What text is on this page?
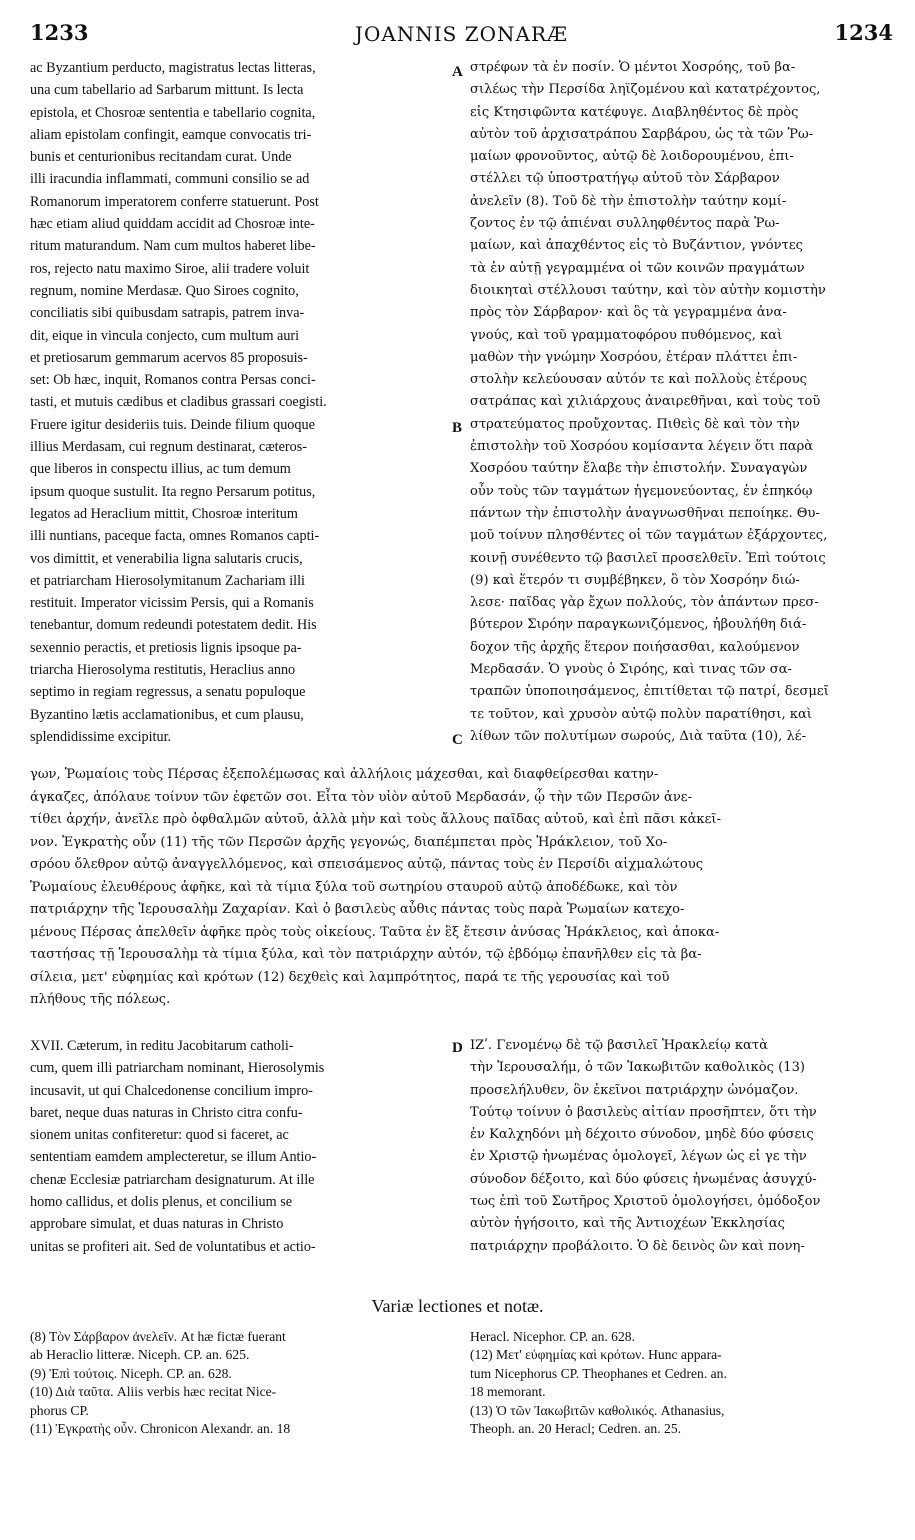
1233	JOANNIS ZONARÆ	1234
ac Byzantium perducto, magistratus lectas litteras,
una cum tabellario ad Sarbarum mittunt. Is lecta
epistola, et Chosroæ sententia e tabellario cognita,
aliam epistolam confingit, eamque convocatis tri-
bunis et centurionibus recitandam curat. Unde
illi iracundia inflammati, communi consilio se ad
Romanorum imperatorem conferre statuerunt. Post
hæc etiam aliud quiddam accidit ad Chosroæ inte-
ritum maturandum. Nam cum multos haberet libe-
ros, rejecto natu maximo Siroe, alii tradere voluit
regnum, nomine Merdasæ. Quo Siroes cognito,
conciliatis sibi quibusdam satrapis, patrem inva-
dit, eique in vincula conjecto, cum multum auri
et pretiosarum gemmarum acervos 85 proposuis-
set: Ob hæc, inquit, Romanos contra Persas conci-
tasti, et mutuis cædibus et cladibus grassari coegisti.
Fruere igitur desideriis tuis. Deinde filium quoque
illius Merdasam, cui regnum destinarat, cæteros-
que liberos in conspectu illius, ac tum demum
ipsum quoque sustulit. Ita regno Persarum potitus,
legatos ad Heraclium mittit, Chosroæ interitum
illi nuntians, paceque facta, omnes Romanos capti-
vos dimittit, et venerabilia ligna salutaris crucis,
et patriarcham Hierosolymitanum Zachariam illi
restituit. Imperator vicissim Persis, qui a Romanis
tenebantur, domum redeundi potestatem dedit. His
sexennio peractis, et pretiosis lignis ipsoque pa-
triarcha Hierosolyma restitutis, Heraclius anno
septimo in regiam regressus, a senatu populoque
Byzantino lætis acclamationibus, et cum plausu,
splendidissime excipitur.
στρέφων τὰ ἐν ποσίν. Ὁ μέντοι Χοσρόης, τοῦ βα-
σιλέως τὴν Περσίδα ληϊζομένου καὶ κατατρέχοντος,
εἰς Κτησιφῶντα κατέφυγε. Διαβληθέντος δὲ πρὸς
αὐτὸν τοῦ ἀρχισατράπου Σαρβάρου, ὡς τὰ τῶν Ῥω-
μαίων φρονοῦντος, αὐτῷ δὲ λοιδορουμένου, ἐπι-
στέλλει τῷ ὑποστρατήγῳ αὐτοῦ τὸν Σάρβαρον
ἀνελεῖν (8). Τοῦ δὲ τὴν ἐπιστολὴν ταύτην κομί-
ζοντος ἐν τῷ ἀπιέναι συλληφθέντος παρὰ Ῥω-
μαίων, καὶ ἀπαχθέντος εἰς τὸ Βυζάντιον, γνόντες
τὰ ἐν αὐτῇ γεγραμμένα οἱ τῶν κοινῶν πραγμάτων
διοικηταὶ στέλλουσι ταύτην, καὶ τὸν αὐτὴν κομιστὴν
πρὸς τὸν Σάρβαρον· καὶ ὃς τὰ γεγραμμένα ἀνα-
γνούς, καὶ τοῦ γραμματοφόρου πυθόμενος, καὶ
μαθὼν τὴν γνώμην Χοσρόου, ἑτέραν πλάττει ἐπι-
στολὴν κελεύουσαν αὐτόν τε καὶ πολλοὺς ἑτέρους
σατράπας καὶ χιλιάρχους ἀναιρεθῆναι, καὶ τοὺς τοῦ
στρατεύματος προὔχοντας. Πιθεὶς δὲ καὶ τὸν τὴν
ἐπιστολὴν τοῦ Χοσρόου κομίσαντα λέγειν ὅτι παρὰ
Χοσρόου ταύτην ἔλαβε τὴν ἐπιστολήν. Συναγαγὼν
οὖν τοὺς τῶν ταγμάτων ἡγεμονεύοντας, ἐν ἐπηκόῳ
πάντων τὴν ἐπιστολὴν ἀναγνωσθῆναι πεποίηκε. Θυ-
μοῦ τοίνυν πλησθέντες οἱ τῶν ταγμάτων ἐξάρχοντες,
κοινῇ συνέθεντο τῷ βασιλεῖ προσελθεῖν. Ἐπὶ τούτοις
(9) καὶ ἕτερόν τι συμβέβηκεν, ὃ τὸν Χοσρόην διώ-
λεσε· παῖδας γὰρ ἔχων πολλούς, τὸν ἁπάντων πρεσ-
βύτερον Σιρόην παραγκωνιζόμενος, ἠβουλήθη διά-
δοχον τῆς ἀρχῆς ἕτερον ποιήσασθαι, καλούμενον
Μερδασάν. Ὁ γνοὺς ὁ Σιρόης, καὶ τινας τῶν σα-
τραπῶν ὑποποιησάμενος, ἐπιτίθεται τῷ πατρί, δεσμεῖ
τε τοῦτον, καὶ χρυσὸν αὐτῷ πολὺν παρατίθησι, καὶ
λίθων τῶν πολυτίμων σωρούς, Διὰ ταῦτα (10), λέ-
A
B
C
D
γων, Ῥωμαίοις τοὺς Πέρσας ἐξεπολέμωσας καὶ ἀλλήλοις μάχεσθαι, καὶ διαφθείρεσθαι κατην-
άγκαζες, ἀπόλαυε τοίνυν τῶν ἐφετῶν σοι. Εἶτα τὸν υἱὸν αὐτοῦ Μερδασάν, ᾧ τὴν τῶν Περσῶν ἀνε-
τίθει ἀρχήν, ἀνεῖλε πρὸ ὀφθαλμῶν αὐτοῦ, ἀλλὰ μὴν καὶ τοὺς ἄλλους παῖδας αὐτοῦ, καὶ ἐπὶ πᾶσι κἀκεῖ-
νον. Ἐγκρατὴς οὖν (11) τῆς τῶν Περσῶν ἀρχῆς γεγονώς, διαπέμπεται πρὸς Ἡράκλειον, τοῦ Χο-
σρόου ὄλεθρον αὐτῷ ἀναγγελλόμενος, καὶ σπεισάμενος αὐτῷ, πάντας τοὺς ἐν Περσίδι αἰχμαλώτους
Ῥωμαίους ἐλευθέρους ἀφῆκε, καὶ τὰ τίμια ξύλα τοῦ σωτηρίου σταυροῦ αὐτῷ ἀποδέδωκε, καὶ τὸν
πατριάρχην τῆς Ἱερουσαλὴμ Ζαχαρίαν. Καὶ ὁ βασιλεὺς αὖθις πάντας τοὺς παρὰ Ῥωμαίων κατεχο-
μένους Πέρσας ἀπελθεῖν ἀφῆκε πρὸς τοὺς οἰκείους. Ταῦτα ἐν ἓξ ἔτεσιν ἀνύσας Ἡράκλειος, καὶ ἀποκα-
ταστήσας τῇ Ἱερουσαλὴμ τὰ τίμια ξύλα, καὶ τὸν πατριάρχην αὐτόν, τῷ ἑβδόμῳ ἐπανῆλθεν εἰς τὰ βα-
σίλεια, μετ' εὐφημίας καὶ κρότων (12) δεχθεὶς καὶ λαμπρότητος, παρά τε τῆς γερουσίας καὶ τοῦ
πλήθους τῆς πόλεως.
XVII. Cæterum, in reditu Jacobitarum catholi-
cum, quem illi patriarcham nominant, Hierosolymis
incusavit, ut qui Chalcedonense concilium impro-
baret, neque duas naturas in Christo citra confu-
sionem unitas confiteretur: quod si faceret, ac
sententiam eamdem amplecteretur, se illum Antio-
chenæ Ecclesiæ patriarcham designaturum. At ille
homo callidus, et dolis plenus, et concilium se
approbare simulat, et duas naturas in Christo
unitas se profiteri ait. Sed de voluntatibus et actio-
ΙΖʹ. Γενομένῳ δὲ τῷ βασιλεῖ Ἡρακλείῳ κατὰ
τὴν Ἱερουσαλήμ, ὁ τῶν Ἰακωβιτῶν καθολικὸς (13)
προσελήλυθεν, ὃν ἐκεῖνοι πατριάρχην ὠνόμαζον.
Τούτῳ τοίνυν ὁ βασιλεὺς αἰτίαν προσῆπτεν, ὅτι τὴν
ἐν Καλχηδόνι μὴ δέχοιτο σύνοδον, μηδὲ δύο φύσεις
ἐν Χριστῷ ἡνωμένας ὁμολογεῖ, λέγων ὡς εἰ γε τὴν
σύνοδον δέξοιτο, καὶ δύο φύσεις ἡνωμένας ἀσυγχύ-
τως ἐπὶ τοῦ Σωτῆρος Χριστοῦ ὁμολογήσει, ὁμόδοξον
αὐτὸν ἡγήσοιτο, καὶ τῆς Ἀντιοχέων Ἐκκλησίας
πατριάρχην προβάλοιτο. Ὁ δὲ δεινὸς ὢν καὶ πονη-
Variæ lectiones et notæ.
(8) Τὸν Σάρβαρον ἀνελεῖν. At hæ fictæ fuerant
ab Heraclio litteræ. Niceph. CP. an. 625.
(9) Ἐπὶ τούτοις. Niceph. CP. an. 628.
(10) Διὰ ταῦτα. Aliis verbis hæc recitat Nice-
phorus CP.
(11) Ἐγκρατὴς οὖν. Chronicon Alexandr. an. 18
Heracl. Nicephor. CP. an. 628.
(12) Μετ' εὐφημίας καὶ κρότων. Hunc appara-
tum Nicephorus CP. Theophanes et Cedren. an.
18 memorant.
(13) Ὁ τῶν Ἰακωβιτῶν καθολικός. Athanasius,
Theoph. an. 20 Heracl; Cedren. an. 25.
